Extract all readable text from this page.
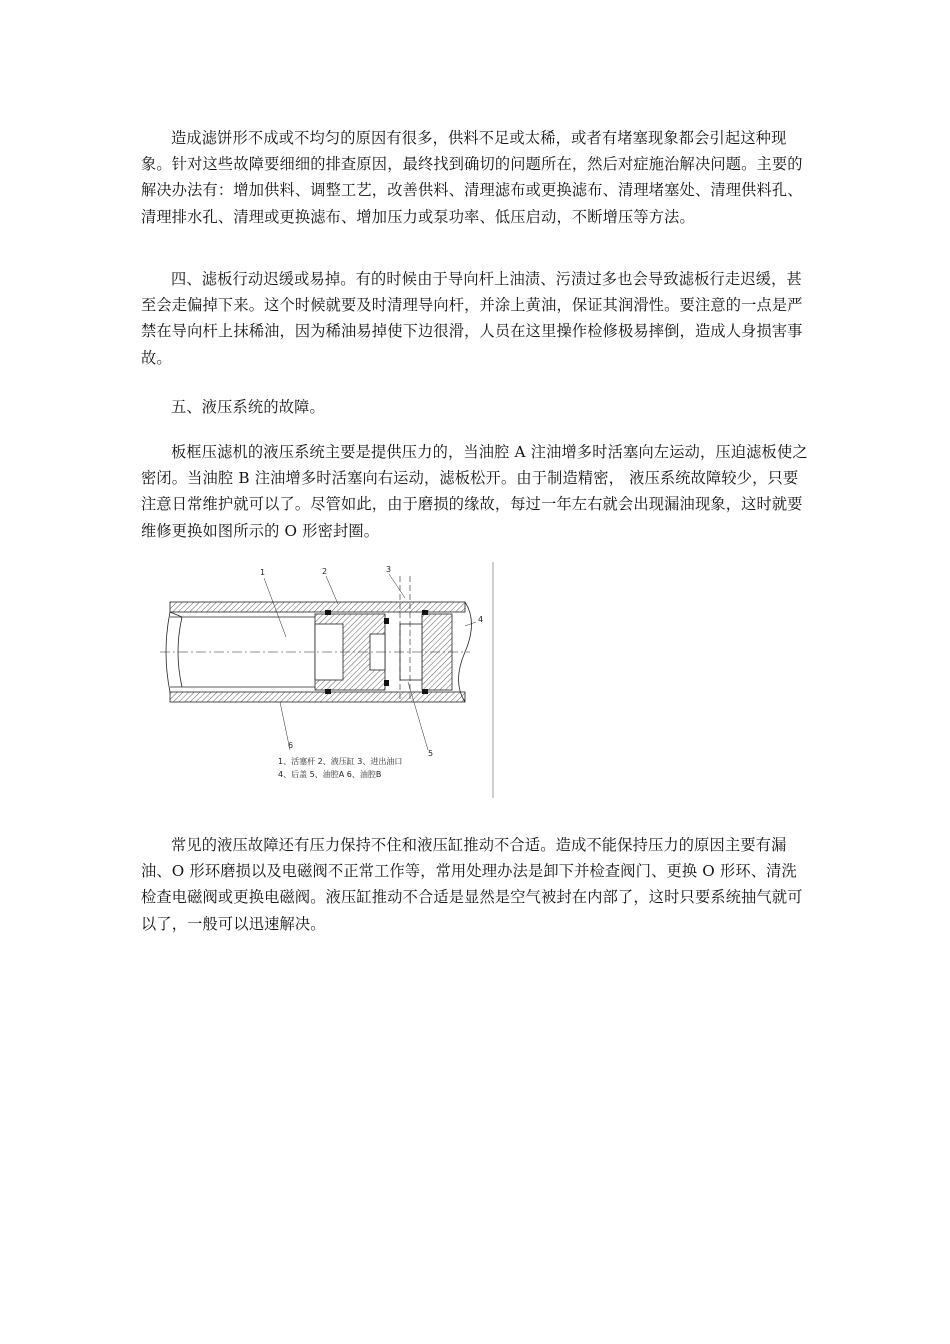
造成滤饼形不成或不均匀的原因有很多，供料不足或太稀，或者有堵塞现象都会引起这种现象。针对这些故障要细细的排查原因，最终找到确切的问题所在，然后对症施治解决问题。主要的解决办法有：增加供料、调整工艺，改善供料、清理滤布或更换滤布、清理堵塞处、清理供料孔、清理排水孔、清理或更换滤布、增加压力或泵功率、低压启动，不断增压等方法。

四、滤板行动迟缓或易掉。有的时候由于导向杆上油渍、污渍过多也会导致滤板行走迟缓，甚至会走偏掉下来。这个时候就要及时清理导向杆，并涂上黄油，保证其润滑性。要注意的一点是严禁在导向杆上抹稀油，因为稀油易掉使下边很滑，人员在这里操作检修极易摔倒，造成人身损害事故。

五、液压系统的故障。

板框压滤机的液压系统主要是提供压力的，当油腔 A 注油增多时活塞向左运动，压迫滤板使之密闭。当油腔 B 注油增多时活塞向右运动，滤板松开。由于制造精密， 液压系统故障较少，只要注意日常维护就可以了。尽管如此，由于磨损的缘故，每过一年左右就会出现漏油现象，这时就要维修更换如图所示的 O 形密封圈。

1	2	3
4
5
6
1、活塞杆 2、液压缸 3、进出油口
4、后盖 5、油腔A 6、油腔B

常见的液压故障还有压力保持不住和液压缸推动不合适。造成不能保持压力的原因主要有漏油、O 形环磨损以及电磁阀不正常工作等，常用处理办法是卸下并检查阀门、更换 O 形环、清洗检查电磁阀或更换电磁阀。液压缸推动不合适是显然是空气被封在内部了，这时只要系统抽气就可以了，一般可以迅速解决。
